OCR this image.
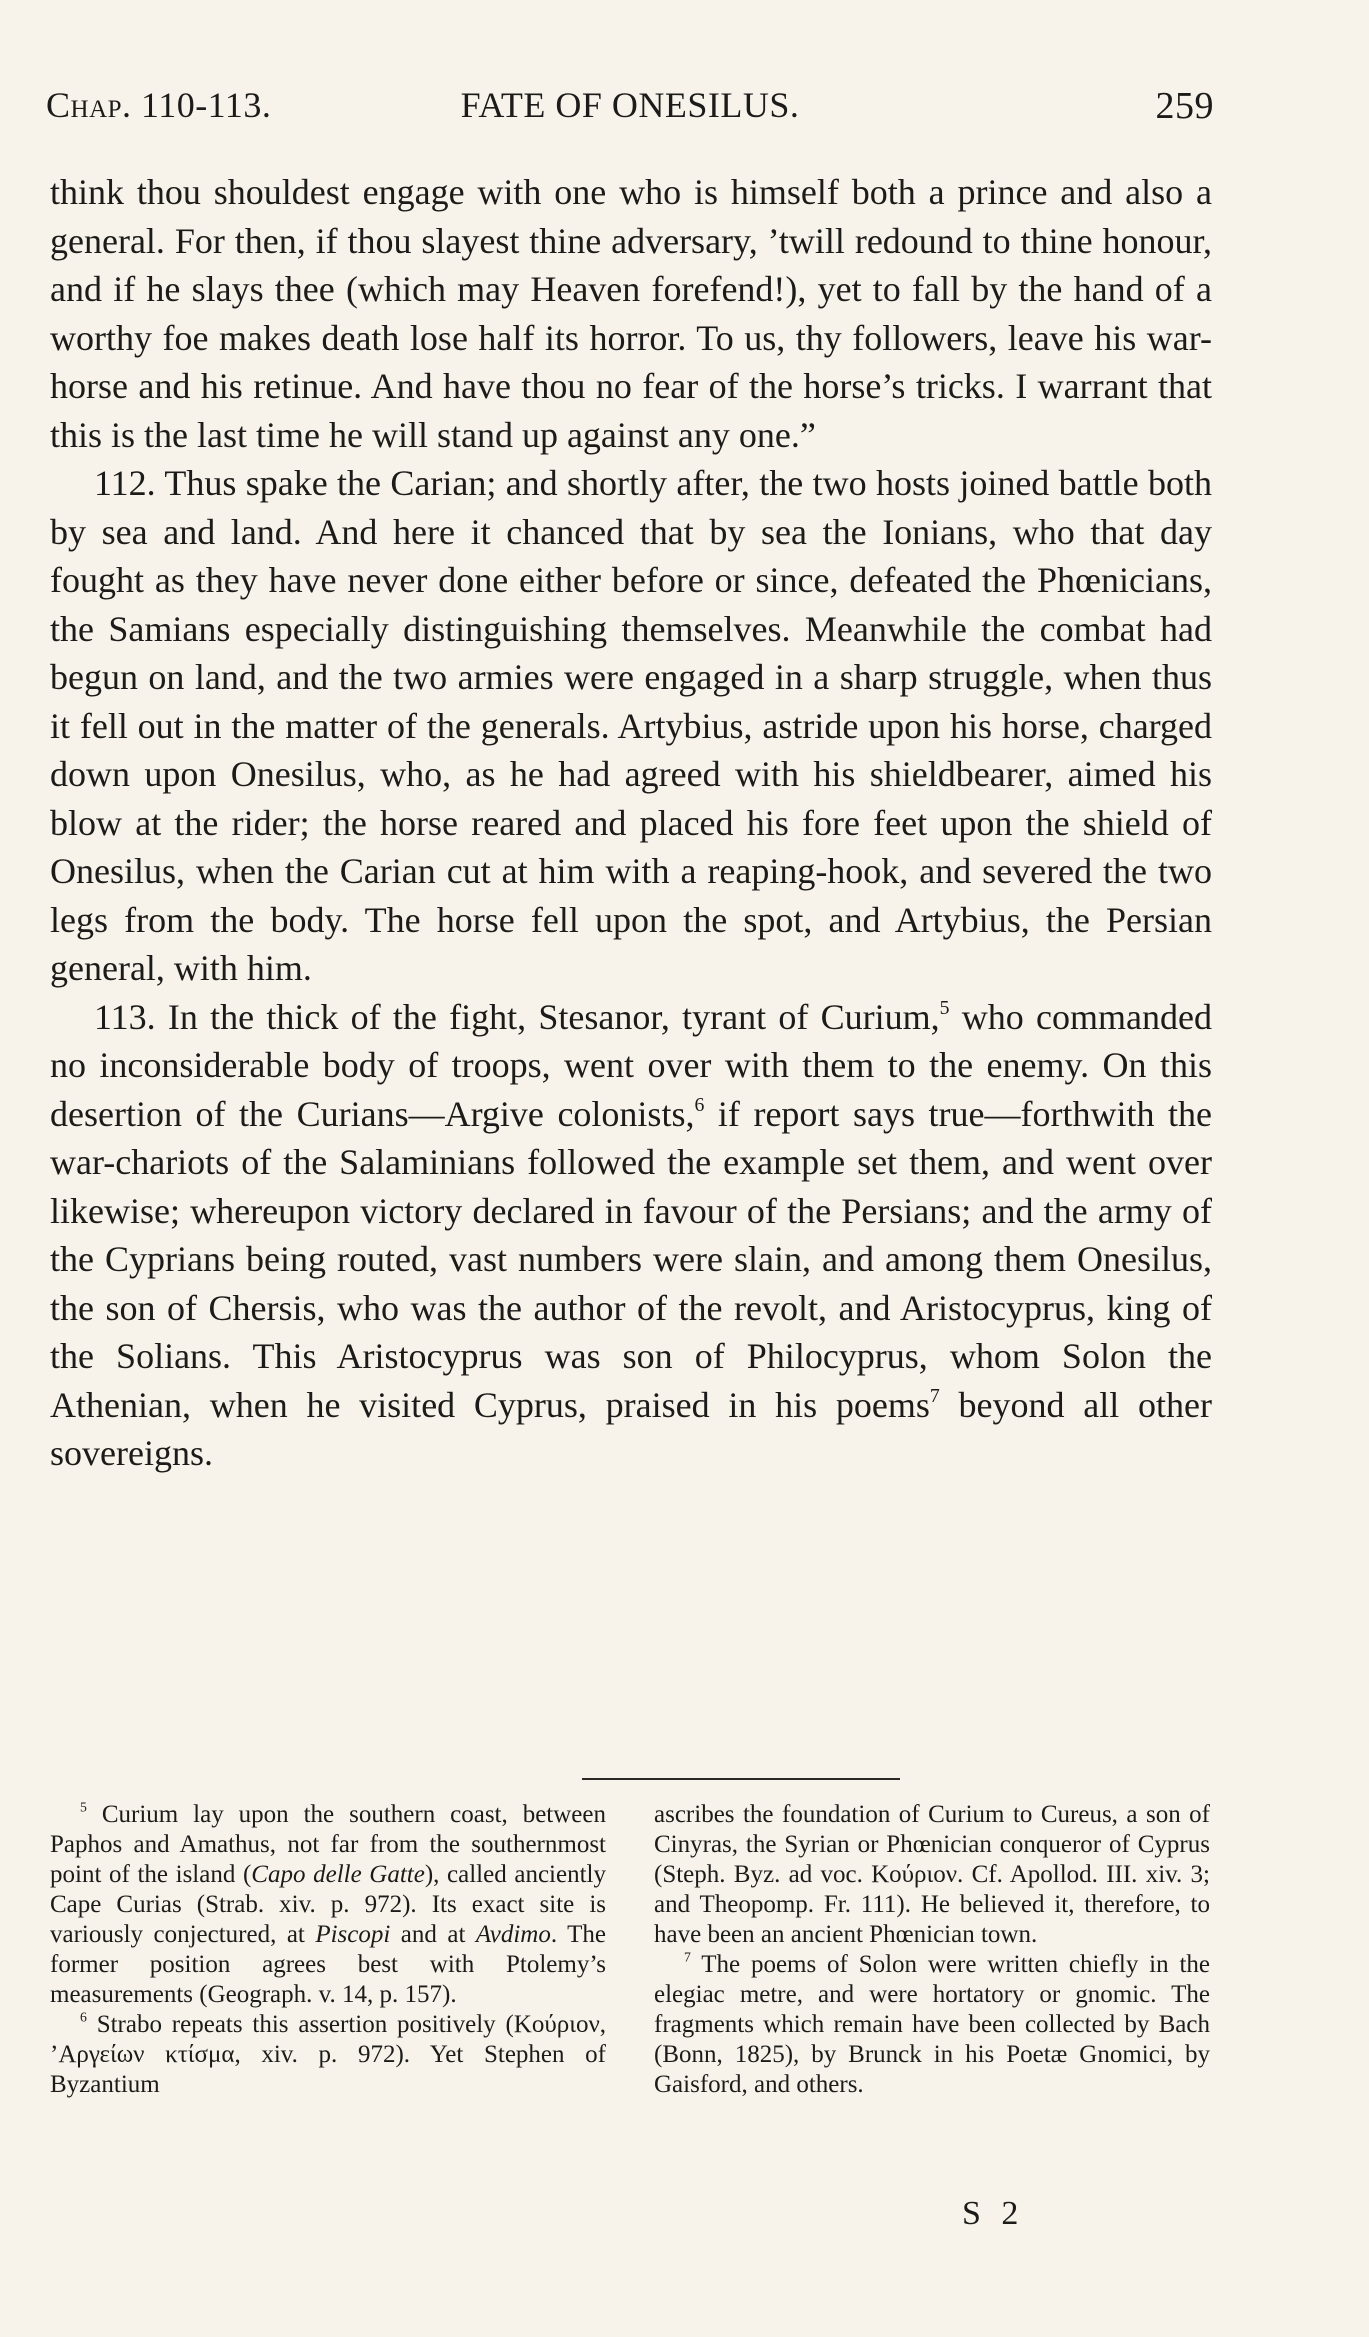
Chap. 110-113.	FATE OF ONESILUS.	259

think thou shouldest engage with one who is himself both a prince and also a general. For then, if thou slayest thine adversary, ’twill redound to thine honour, and if he slays thee (which may Heaven forefend!), yet to fall by the hand of a worthy foe makes death lose half its horror. To us, thy followers, leave his war-horse and his retinue. And have thou no fear of the horse’s tricks. I warrant that this is the last time he will stand up against any one.”

112. Thus spake the Carian; and shortly after, the two hosts joined battle both by sea and land. And here it chanced that by sea the Ionians, who that day fought as they have never done either before or since, defeated the Phœnicians, the Samians especially distinguishing themselves. Meanwhile the combat had begun on land, and the two armies were engaged in a sharp struggle, when thus it fell out in the matter of the generals. Artybius, astride upon his horse, charged down upon Onesilus, who, as he had agreed with his shieldbearer, aimed his blow at the rider; the horse reared and placed his fore feet upon the shield of Onesilus, when the Carian cut at him with a reaping-hook, and severed the two legs from the body. The horse fell upon the spot, and Artybius, the Persian general, with him.

113. In the thick of the fight, Stesanor, tyrant of Curium,$^5$ who commanded no inconsiderable body of troops, went over with them to the enemy. On this desertion of the Curians—Argive colonists,$^6$ if report says true—forthwith the war-chariots of the Salaminians followed the example set them, and went over likewise; whereupon victory declared in favour of the Persians; and the army of the Cyprians being routed, vast numbers were slain, and among them Onesilus, the son of Chersis, who was the author of the revolt, and Aristocyprus, king of the Solians. This Aristocyprus was son of Philocyprus, whom Solon the Athenian, when he visited Cyprus, praised in his poems$^7$ beyond all other sovereigns.

$^5$ Curium lay upon the southern coast, between Paphos and Amathus, not far from the southernmost point of the island (Capo delle Gatte), called anciently Cape Curias (Strab. xiv. p. 972). Its exact site is variously conjectured, at Piscopi and at Avdimo. The former position agrees best with Ptolemy’s measurements (Geograph. v. 14, p. 157).

$^6$ Strabo repeats this assertion positively (Κούριον, ’Αργείων κτίσμα, xiv. p. 972). Yet Stephen of Byzantium

ascribes the foundation of Curium to Cureus, a son of Cinyras, the Syrian or Phœnician conqueror of Cyprus (Steph. Byz. ad voc. Κούριον. Cf. Apollod. III. xiv. 3; and Theopomp. Fr. 111). He believed it, therefore, to have been an ancient Phœnician town.

$^7$ The poems of Solon were written chiefly in the elegiac metre, and were hortatory or gnomic. The fragments which remain have been collected by Bach (Bonn, 1825), by Brunck in his Poetæ Gnomici, by Gaisford, and others.

S 2
